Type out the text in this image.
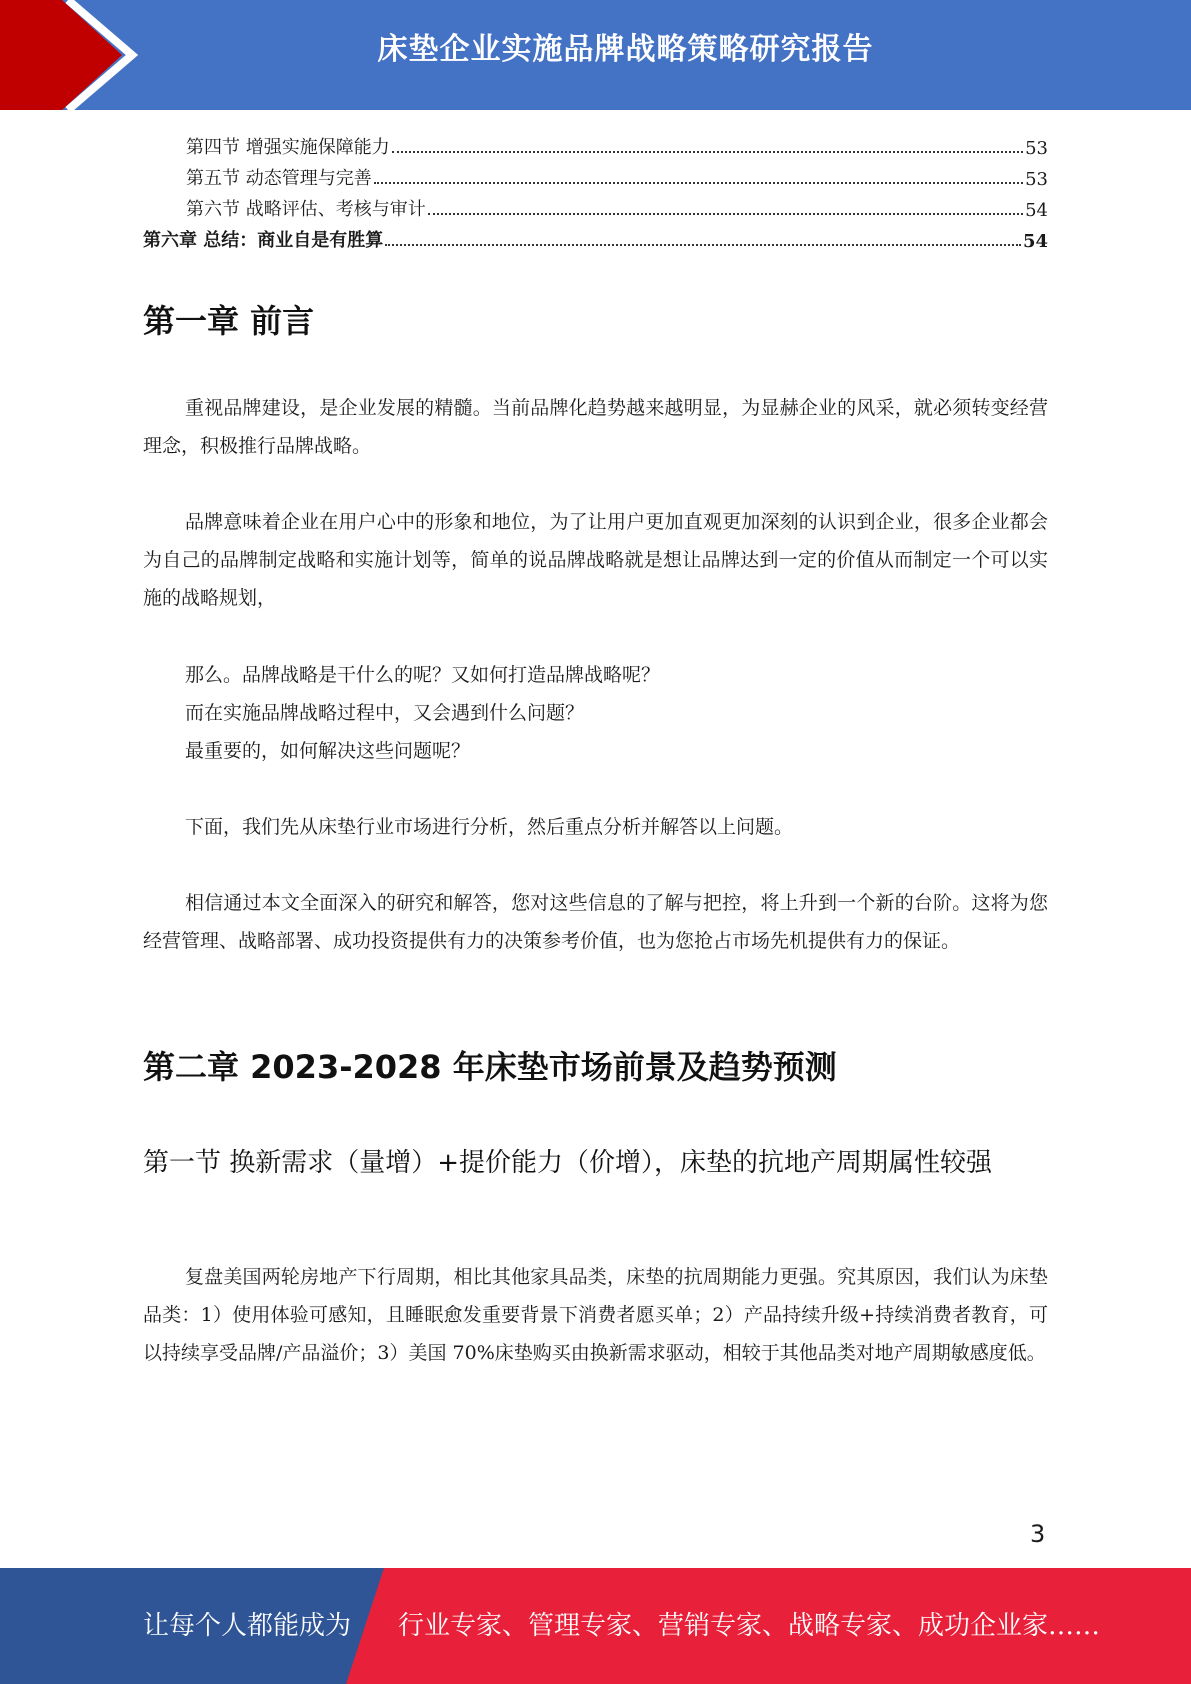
床垫企业实施品牌战略策略研究报告
第四节 增强实施保障能力	53
第五节 动态管理与完善	53
第六节 战略评估、考核与审计	54
第六章 总结：商业自是有胜算	54
第一章 前言

重视品牌建设，是企业发展的精髓。当前品牌化趋势越来越明显，为显赫企业的风采，就必须转变经营理念，积极推行品牌战略。

品牌意味着企业在用户心中的形象和地位，为了让用户更加直观更加深刻的认识到企业，很多企业都会为自己的品牌制定战略和实施计划等，简单的说品牌战略就是想让品牌达到一定的价值从而制定一个可以实施的战略规划，

那么。品牌战略是干什么的呢？又如何打造品牌战略呢？
而在实施品牌战略过程中，又会遇到什么问题？
最重要的，如何解决这些问题呢？

下面，我们先从床垫行业市场进行分析，然后重点分析并解答以上问题。

相信通过本文全面深入的研究和解答，您对这些信息的了解与把控，将上升到一个新的台阶。这将为您经营管理、战略部署、成功投资提供有力的决策参考价值，也为您抢占市场先机提供有力的保证。

第二章 2023-2028 年床垫市场前景及趋势预测
第一节 换新需求（量增）+提价能力（价增），床垫的抗地产周期属性较强

复盘美国两轮房地产下行周期，相比其他家具品类，床垫的抗周期能力更强。究其原因，我们认为床垫品类：1）使用体验可感知，且睡眠愈发重要背景下消费者愿买单；2）产品持续升级+持续消费者教育，可以持续享受品牌/产品溢价；3）美国 70%床垫购买由换新需求驱动，相较于其他品类对地产周期敏感度低。

3
让每个人都能成为 行业专家、管理专家、营销专家、战略专家、成功企业家……
